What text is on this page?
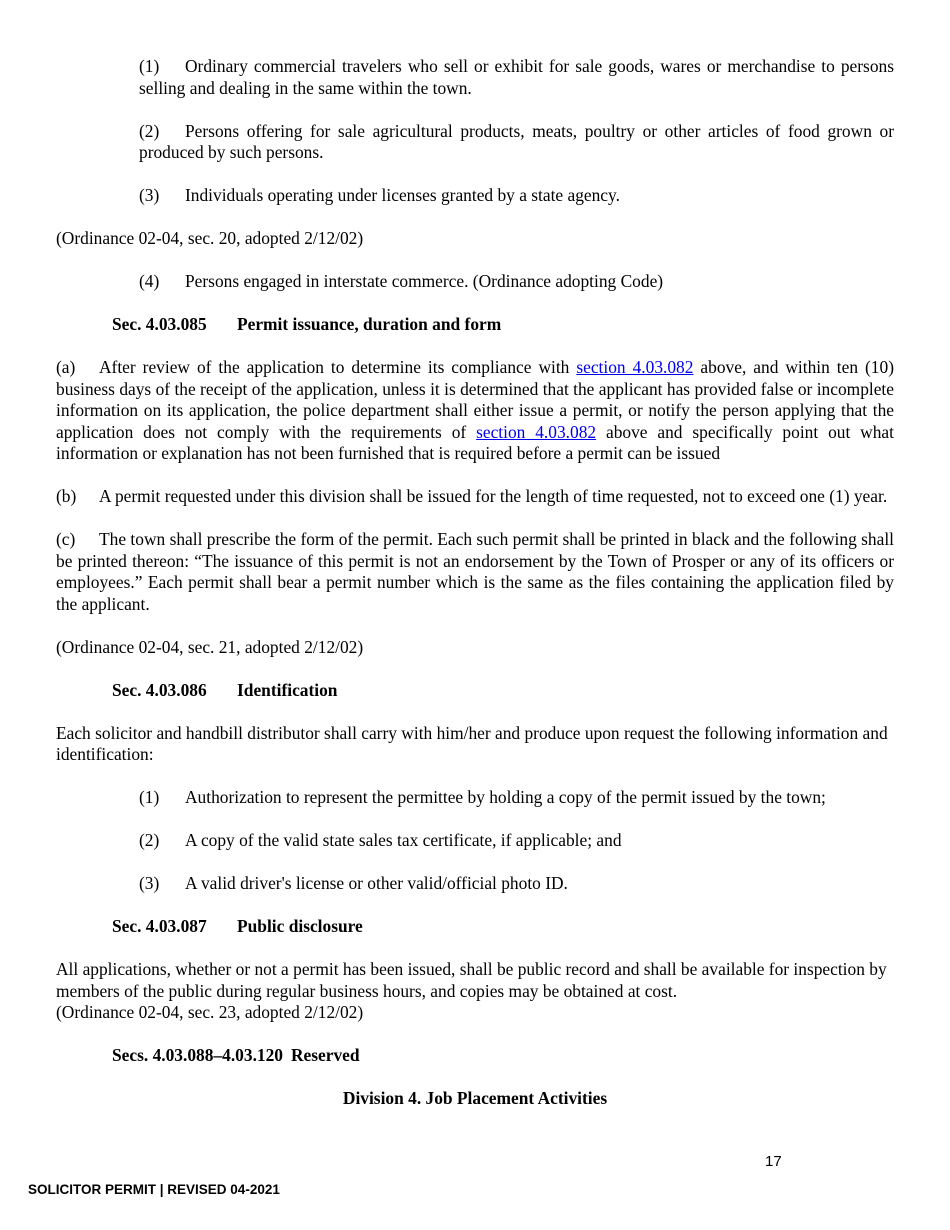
(1) Ordinary commercial travelers who sell or exhibit for sale goods, wares or merchandise to persons selling and dealing in the same within the town.

(2) Persons offering for sale agricultural products, meats, poultry or other articles of food grown or produced by such persons.

(3) Individuals operating under licenses granted by a state agency.

(Ordinance 02-04, sec. 20, adopted 2/12/02)

(4) Persons engaged in interstate commerce. (Ordinance adopting Code)

Sec. 4.03.085 Permit issuance, duration and form

(a) After review of the application to determine its compliance with section 4.03.082 above, and within ten (10) business days of the receipt of the application, unless it is determined that the applicant has provided false or incomplete information on its application, the police department shall either issue a permit, or notify the person applying that the application does not comply with the requirements of section 4.03.082 above and specifically point out what information or explanation has not been furnished that is required before a permit can be issued

(b) A permit requested under this division shall be issued for the length of time requested, not to exceed one (1) year.

(c) The town shall prescribe the form of the permit. Each such permit shall be printed in black and the following shall be printed thereon: “The issuance of this permit is not an endorsement by the Town of Prosper or any of its officers or employees.” Each permit shall bear a permit number which is the same as the files containing the application filed by the applicant.

(Ordinance 02-04, sec. 21, adopted 2/12/02)

Sec. 4.03.086 Identification

Each solicitor and handbill distributor shall carry with him/her and produce upon request the following information and identification:

(1) Authorization to represent the permittee by holding a copy of the permit issued by the town;

(2) A copy of the valid state sales tax certificate, if applicable; and

(3) A valid driver's license or other valid/official photo ID.

Sec. 4.03.087 Public disclosure

All applications, whether or not a permit has been issued, shall be public record and shall be available for inspection by members of the public during regular business hours, and copies may be obtained at cost.

(Ordinance 02-04, sec. 23, adopted 2/12/02)

Secs. 4.03.088–4.03.120 Reserved

Division 4. Job Placement Activities

17
SOLICITOR PERMIT | REVISED 04-2021
